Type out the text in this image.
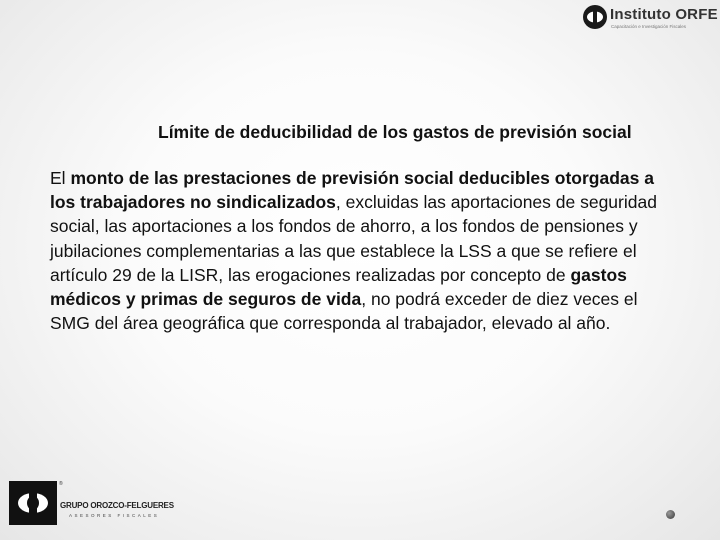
Instituto ORFE
Capacitación e Investigación Fiscales
Límite de deducibilidad de los gastos de previsión social
El monto de las prestaciones de previsión social deducibles otorgadas a los trabajadores no sindicalizados, excluidas las aportaciones de seguridad social, las aportaciones a los fondos de ahorro, a los fondos de pensiones y jubilaciones complementarias a las que establece la LSS a que se refiere el artículo 29 de la LISR, las erogaciones realizadas por concepto de gastos médicos y primas de seguros de vida, no podrá exceder de diez veces el SMG del área geográfica que corresponda al trabajador, elevado al año.
®
GRUPO OROZCO-FELGUERES
ASESORES FISCALES
